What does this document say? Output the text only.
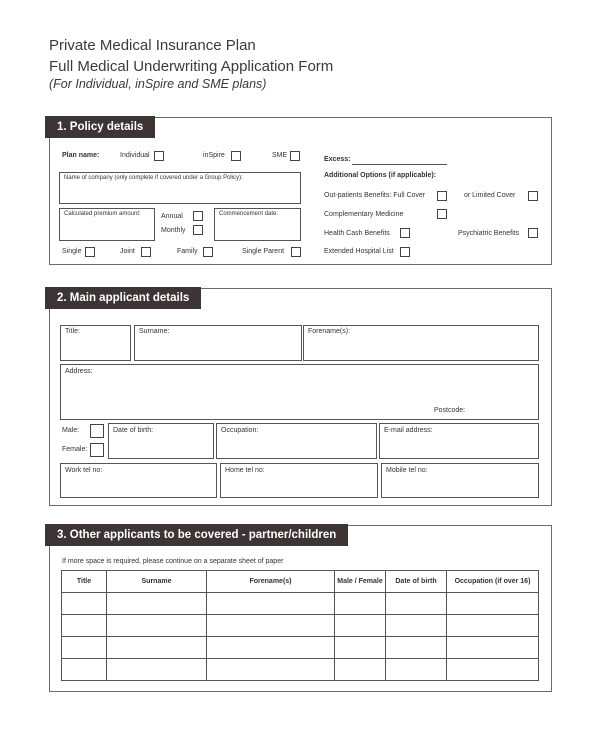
Private Medical Insurance Plan
Full Medical Underwriting Application Form
(For Individual, inSpire and SME plans)
1. Policy details
Plan name:	Individual	inSpire	SME
Name of company (only complete if covered under a Group Policy):
Calculated premium amount:	Annual
Monthly
Commencement date:
Single	Joint	Family	Single Parent
Excess:
Additional Options (if applicable):
Out-patients Benefits: Full Cover	or Limited Cover
Complementary Medicine
Health Cash Benefits	Psychiatric Benefits
Extended Hospital List
2. Main applicant details
Title:	Surname:	Forename(s):
Address:
Postcode:
Male:
Female:
Date of birth:	Occupation:	E-mail address:
Work tel no:	Home tel no:	Mobile tel no:
3. Other applicants to be covered - partner/children
If more space is required, please continue on a separate sheet of paper
Title	Surname	Forename(s)	Male / Female	Date of birth	Occupation (if over 16)
